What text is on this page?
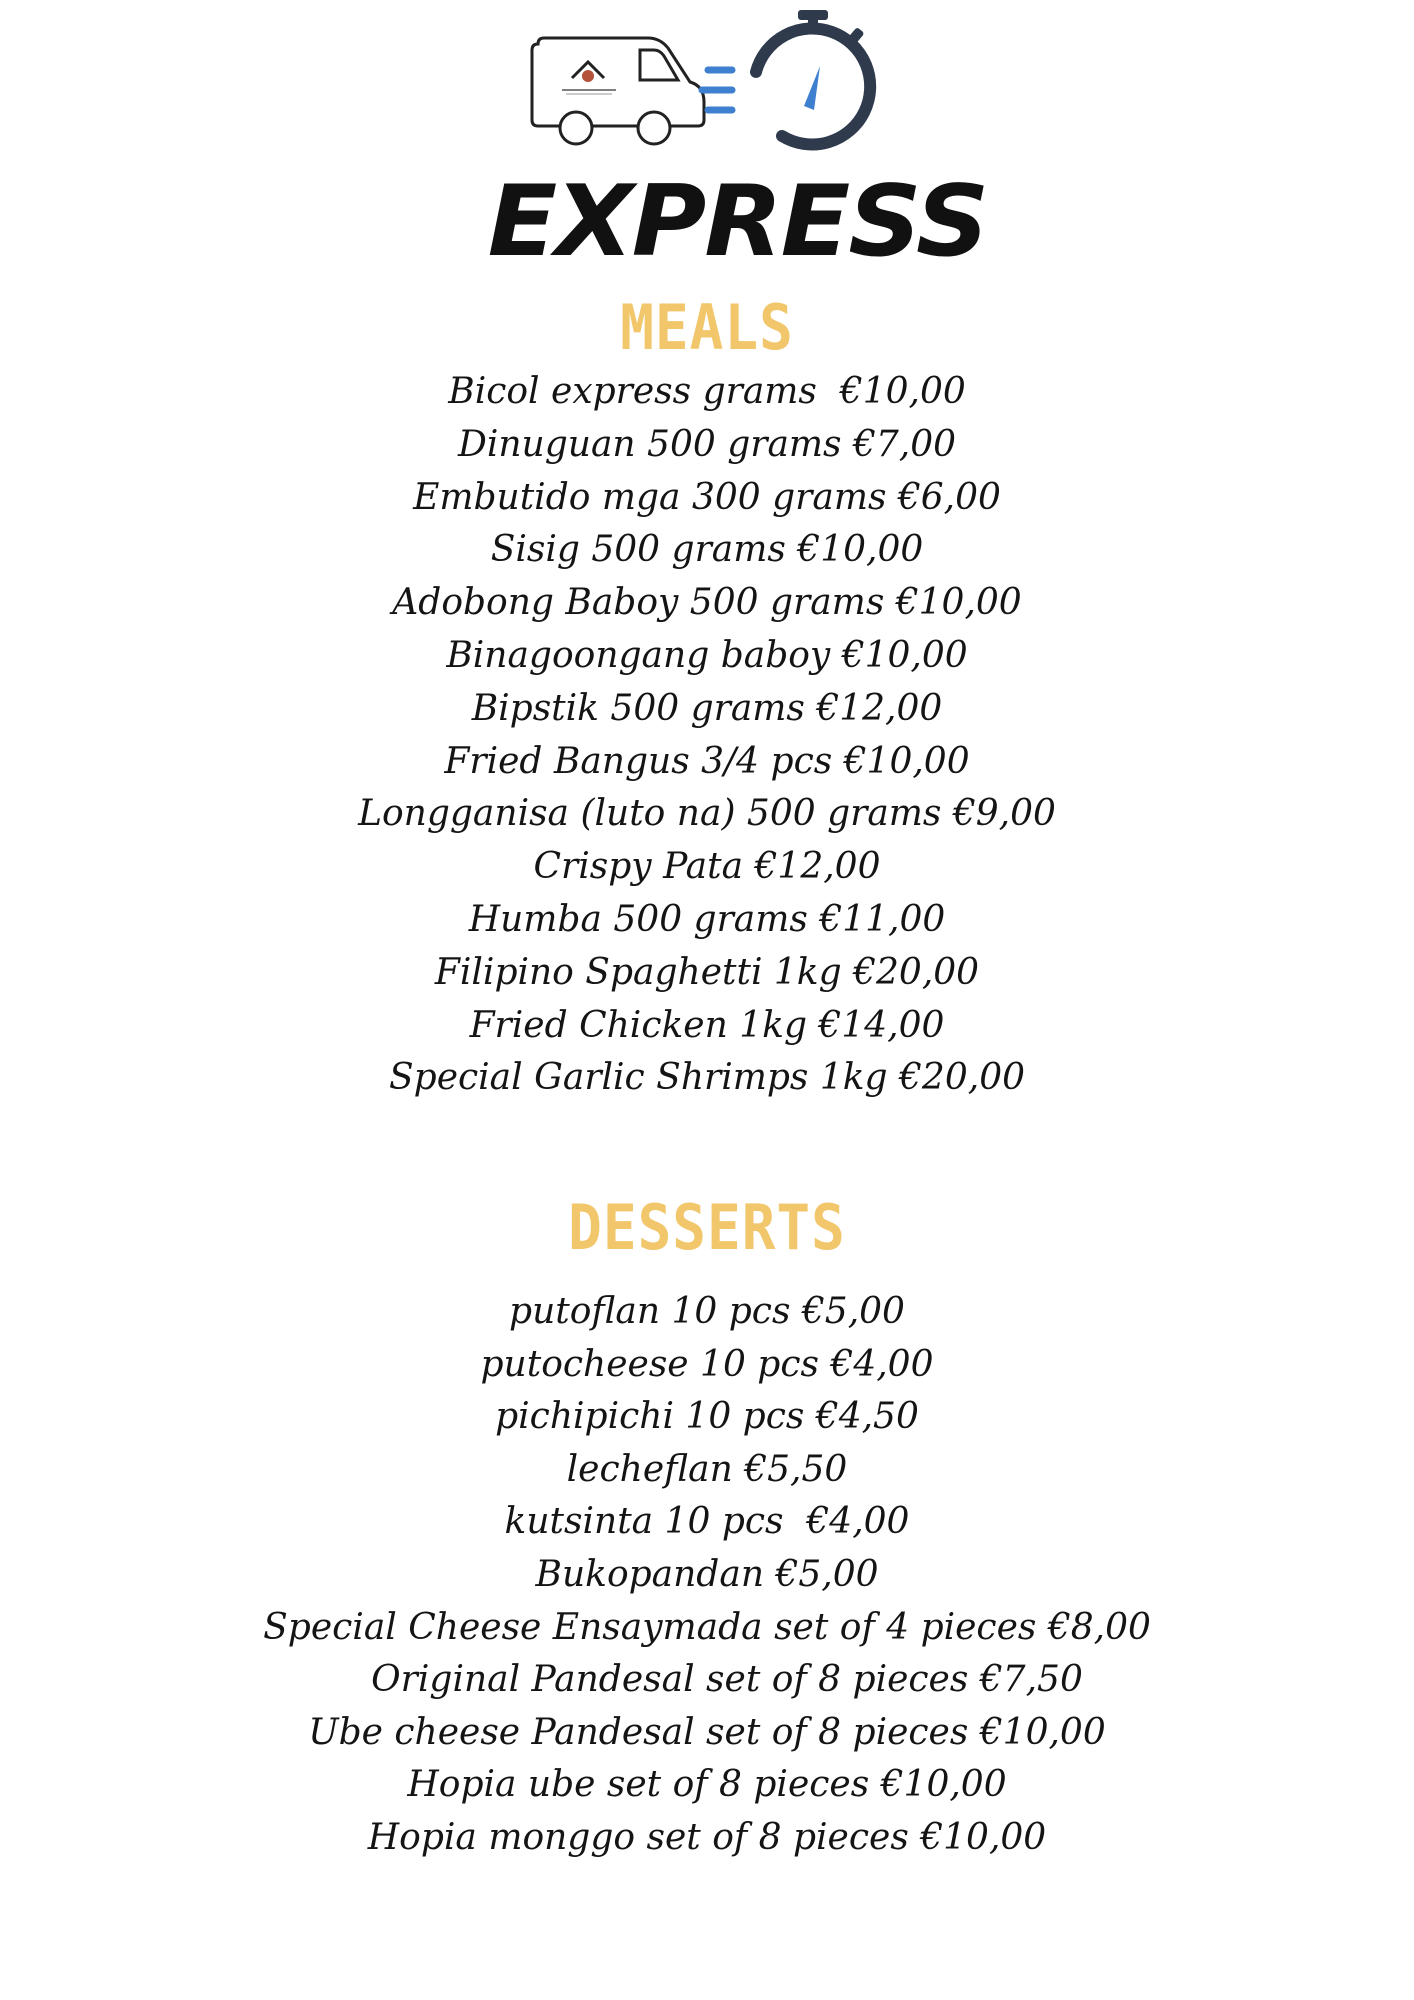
EXPRESS
MEALS
Bicol express grams  €10,00
Dinuguan 500 grams €7,00
Embutido mga 300 grams €6,00
Sisig 500 grams €10,00
Adobong Baboy 500 grams €10,00
Binagoongang baboy €10,00
Bipstik 500 grams €12,00
Fried Bangus 3/4 pcs €10,00
Longganisa (luto na) 500 grams €9,00
Crispy Pata €12,00
Humba 500 grams €11,00
Filipino Spaghetti 1kg €20,00
Fried Chicken 1kg €14,00
Special Garlic Shrimps 1kg €20,00
DESSERTS
putoflan 10 pcs €5,00
putocheese 10 pcs €4,00
pichipichi 10 pcs €4,50
lecheflan €5,50
kutsinta 10 pcs  €4,00
Bukopandan €5,00
Special Cheese Ensaymada set of 4 pieces €8,00
Original Pandesal set of 8 pieces €7,50
Ube cheese Pandesal set of 8 pieces €10,00
Hopia ube set of 8 pieces €10,00
Hopia monggo set of 8 pieces €10,00
